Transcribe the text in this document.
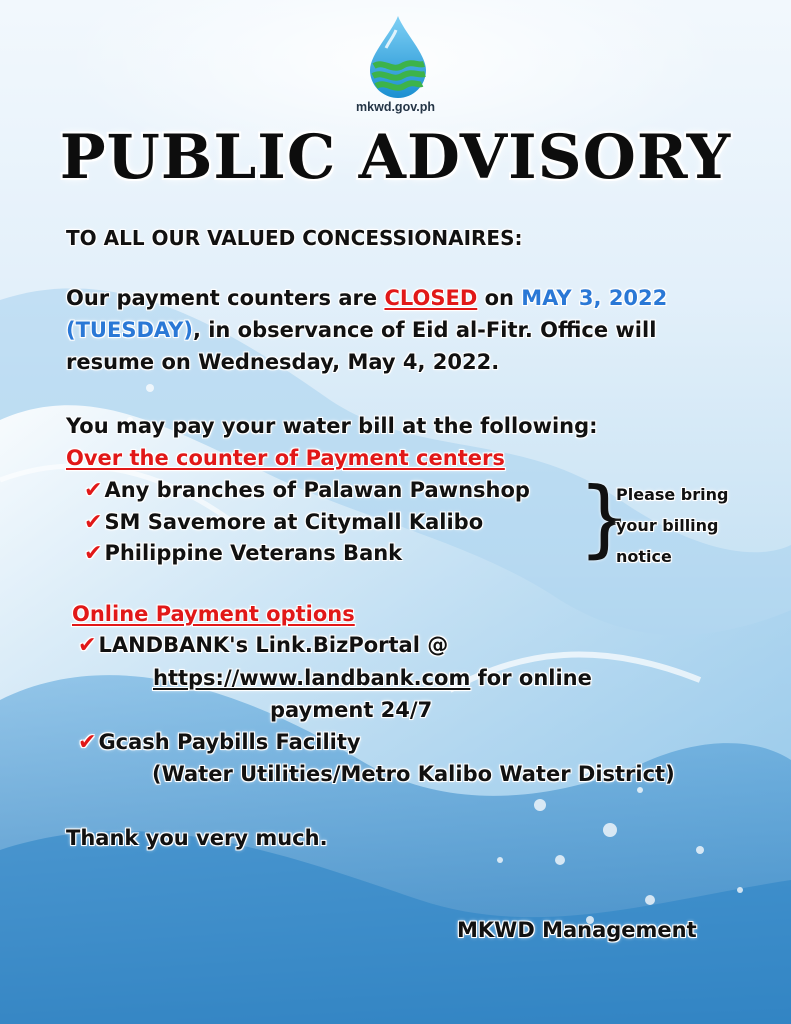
mkwd.gov.ph
PUBLIC ADVISORY
TO ALL OUR VALUED CONCESSIONAIRES:
Our payment counters are CLOSED on MAY 3, 2022
(TUESDAY), in observance of Eid al-Fitr. Office will
resume on Wednesday, May 4, 2022.
You may pay your water bill at the following:
Over the counter of Payment centers
✔Any branches of Palawan Pawnshop
✔SM Savemore at Citymall Kalibo
✔Philippine Veterans Bank }
Please bring
your billing
notice
Online Payment options
✔LANDBANK's Link.BizPortal @
https://www.landbank.com for online
payment 24/7
✔Gcash Paybills Facility
(Water Utilities/Metro Kalibo Water District)
Thank you very much.
MKWD Management
